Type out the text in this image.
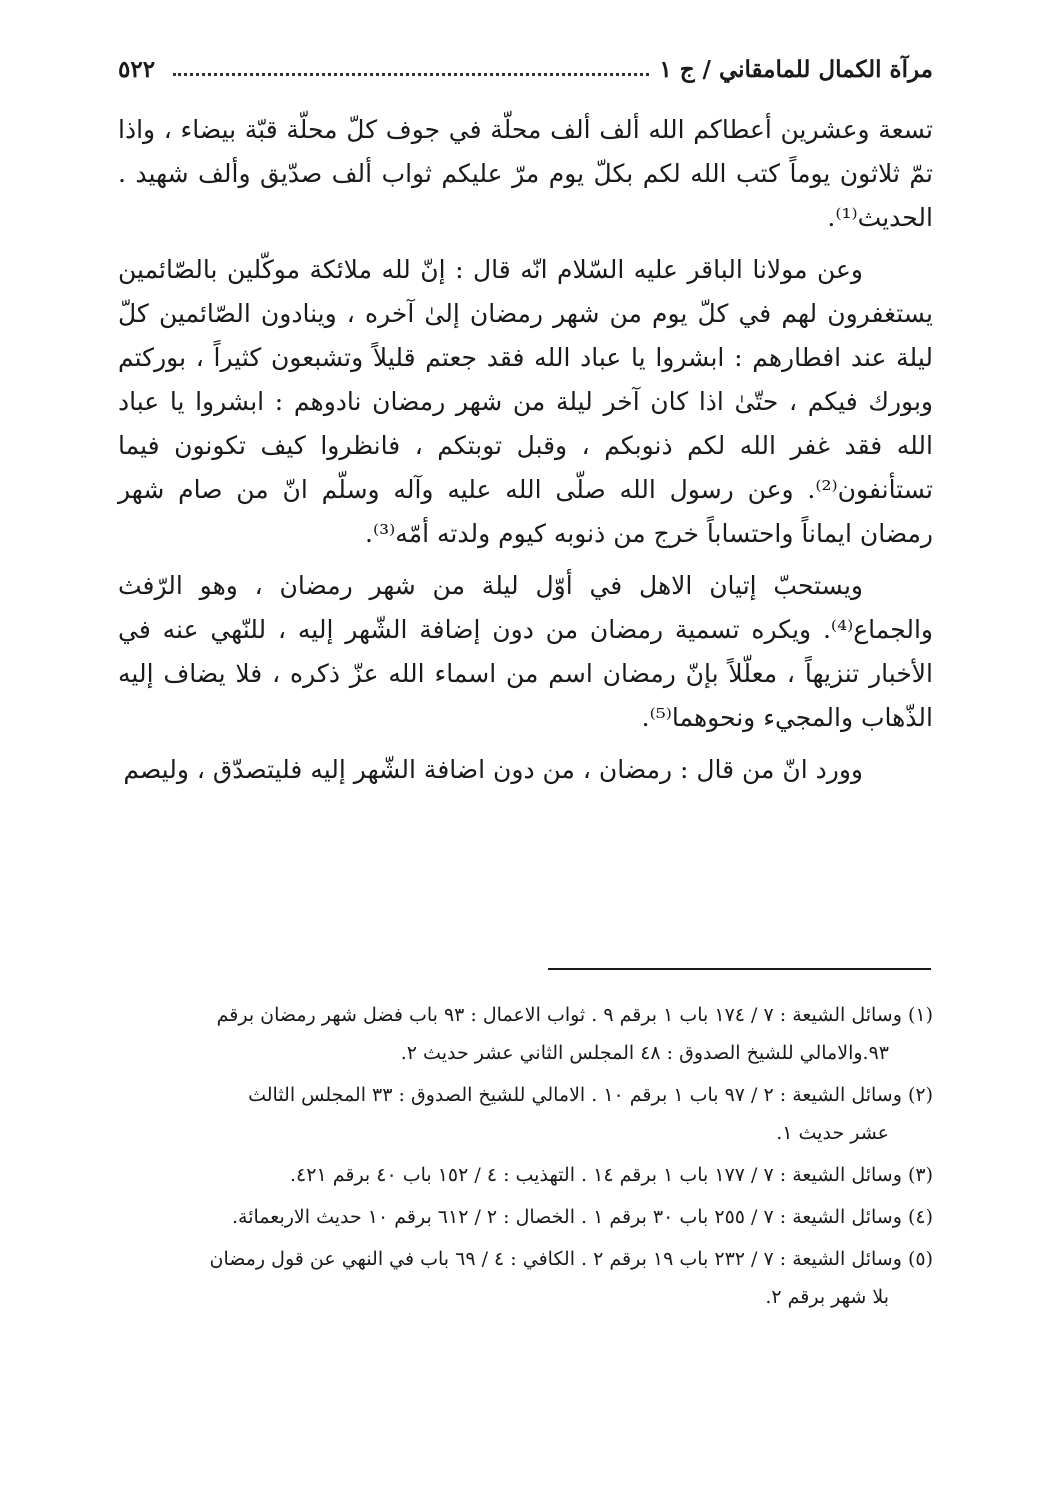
٥٢٢	مرآة الكمال للمامقاني / ج ١

تسعة وعشرين أعطاكم الله ألف ألف محلّة في جوف كلّ محلّة قبّة بيضاء ، واذا تمّ ثلاثون يوماً كتب الله لكم بكلّ يوم مرّ عليكم ثواب ألف صدّيق وألف شهيد . الحديث⁽¹⁾.

وعن مولانا الباقر عليه السّلام انّه قال : إنّ لله ملائكة موكّلين بالصّائمين يستغفرون لهم في كلّ يوم من شهر رمضان إلىٰ آخره ، وينادون الصّائمين كلّ ليلة عند افطارهم : ابشروا يا عباد الله فقد جعتم قليلاً وتشبعون كثيراً ، بوركتم وبورك فيكم ، حتّىٰ اذا كان آخر ليلة من شهر رمضان نادوهم : ابشروا يا عباد الله فقد غفر الله لكم ذنوبكم ، وقبل توبتكم ، فانظروا كيف تكونون فيما تستأنفون⁽²⁾. وعن رسول الله صلّى الله عليه وآله وسلّم انّ من صام شهر رمضان ايماناً واحتساباً خرج من ذنوبه كيوم ولدته أمّه⁽³⁾.

ويستحبّ إتيان الاهل في أوّل ليلة من شهر رمضان ، وهو الرّفث والجماع⁽⁴⁾. ويكره تسمية رمضان من دون إضافة الشّهر إليه ، للنّهي عنه في الأخبار تنزيهاً ، معلّلاً بإنّ رمضان اسم من اسماء الله عزّ ذكره ، فلا يضاف إليه الذّهاب والمجيء ونحوهما⁽⁵⁾.

وورد انّ من قال : رمضان ، من دون اضافة الشّهر إليه فليتصدّق ، وليصم

(١) وسائل الشيعة : ٧ / ١٧٤ باب ١ برقم ٩ . ثواب الاعمال : ٩٣ باب فضل شهر رمضان برقم
٩٣.والامالي للشيخ الصدوق : ٤٨ المجلس الثاني عشر حديث ٢.
(٢) وسائل الشيعة : ٢ / ٩٧ باب ١ برقم ١٠ . الامالي للشيخ الصدوق : ٣٣ المجلس الثالث
عشر حديث ١.
(٣) وسائل الشيعة : ٧ / ١٧٧ باب ١ برقم ١٤ . التهذيب : ٤ / ١٥٢ باب ٤٠ برقم ٤٢١.
(٤) وسائل الشيعة : ٧ / ٢٥٥ باب ٣٠ برقم ١ . الخصال : ٢ / ٦١٢ برقم ١٠ حديث الاربعمائة.
(٥) وسائل الشيعة : ٧ / ٢٣٢ باب ١٩ برقم ٢ . الكافي : ٤ / ٦٩ باب في النهي عن قول رمضان
بلا شهر برقم ٢.
